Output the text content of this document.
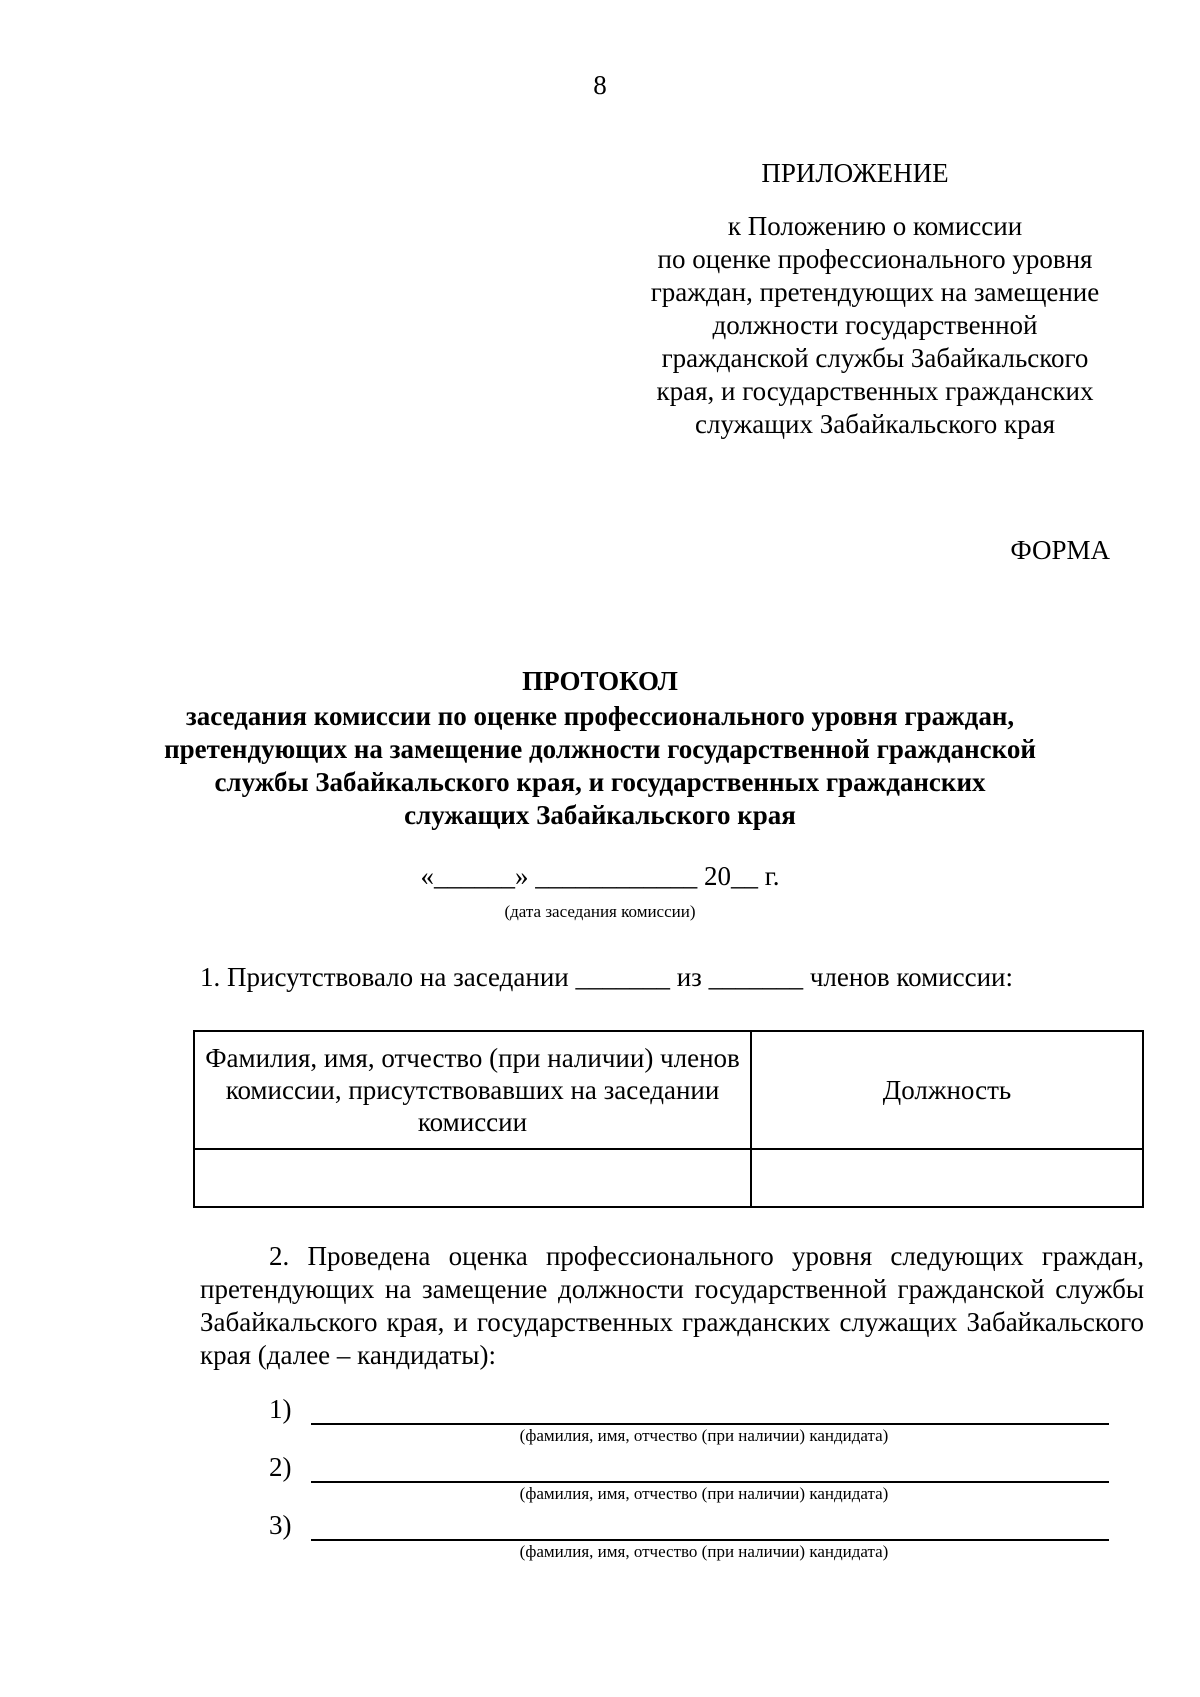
8
ПРИЛОЖЕНИЕ
к Положению о комиссии
по оценке профессионального уровня
граждан, претендующих на замещение
должности государственной
гражданской службы Забайкальского
края, и государственных гражданских
служащих Забайкальского края
ФОРМА
ПРОТОКОЛ
заседания комиссии по оценке профессионального уровня граждан,
претендующих на замещение должности государственной гражданской
службы Забайкальского края, и государственных гражданских
служащих Забайкальского края
«______» ____________ 20__ г.
(дата заседания комиссии)
1. Присутствовало на заседании _______ из _______ членов комиссии:
Фамилия, имя, отчество (при наличии) членов комиссии, присутствовавших на заседании комиссии	Должность

2. Проведена оценка профессионального уровня следующих граждан, претендующих на замещение должности государственной гражданской службы Забайкальского края, и государственных гражданских служащих Забайкальского края (далее – кандидаты):
1)
(фамилия, имя, отчество (при наличии) кандидата)
2)
(фамилия, имя, отчество (при наличии) кандидата)
3)
(фамилия, имя, отчество (при наличии) кандидата)
